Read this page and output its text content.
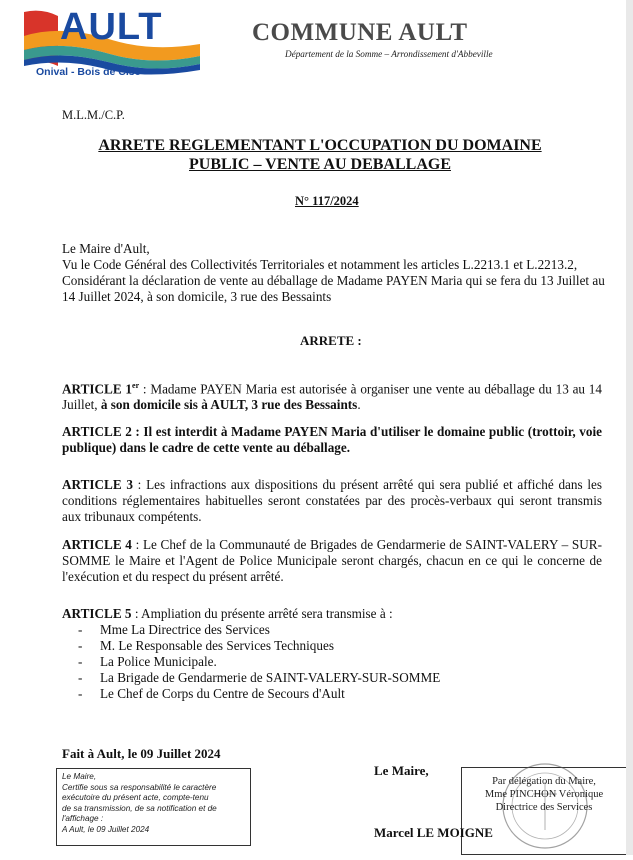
AULT
Onival - Bois de Cise
COMMUNE AULT
Département de la Somme – Arrondissement d'Abbeville
M.L.M./C.P.
ARRETE REGLEMENTANT L'OCCUPATION DU DOMAINE
PUBLIC – VENTE AU DEBALLAGE
N° 117/2024
Le Maire d'Ault,
Vu le Code Général des Collectivités Territoriales et notamment les articles L.2213.1 et L.2213.2,
Considérant la déclaration de vente au déballage de Madame PAYEN Maria qui se fera du 13 Juillet au 14 Juillet 2024, à son domicile, 3 rue des Bessaints
ARRETE :
ARTICLE 1er : Madame PAYEN Maria est autorisée à organiser une vente au déballage du 13 au 14 Juillet, à son domicile sis à AULT, 3 rue des Bessaints.
ARTICLE 2 : Il est interdit à Madame PAYEN Maria d'utiliser le domaine public (trottoir, voie publique) dans le cadre de cette vente au déballage.
ARTICLE 3 : Les infractions aux dispositions du présent arrêté qui sera publié et affiché dans les conditions réglementaires habituelles seront constatées par des procès-verbaux qui seront transmis aux tribunaux compétents.
ARTICLE 4 : Le Chef de la Communauté de Brigades de Gendarmerie de SAINT-VALERY – SUR-SOMME le Maire et l'Agent de Police Municipale seront chargés, chacun en ce qui le concerne de l'exécution et du respect du présent arrêté.
ARTICLE 5 : Ampliation du présente arrêté sera transmise à :
- Mme La Directrice des Services
- M. Le Responsable des Services Techniques
- La Police Municipale.
- La Brigade de Gendarmerie de SAINT-VALERY-SUR-SOMME
- Le Chef de Corps du Centre de Secours d'Ault
Fait à Ault, le 09 Juillet 2024
Le Maire,
Certifie sous sa responsabilité le caractère
exécutoire du présent acte, compte-tenu
de sa transmission, de sa notification et de
l'affichage :
A Ault, le 09 Juillet 2024
Le Maire,
Par délégation du Maire,
Mme PINCHON Véronique
Directrice des Services
Marcel LE MOIGNE
